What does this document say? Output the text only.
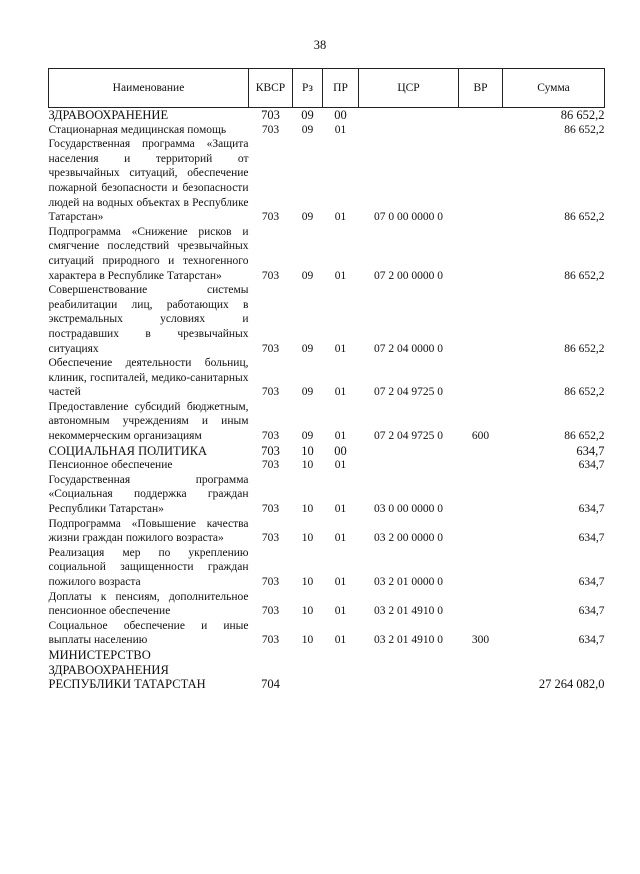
38
Наименование	КВСР	Рз	ПР	ЦСР	ВР	Сумма
ЗДРАВООХРАНЕНИЕ	703	09	00			86 652,2
Стационарная медицинская помощь	703	09	01			86 652,2
Государственная программа «Защита населения и территорий от чрезвычайных ситуаций, обеспечение пожарной безопасности и безопасности людей на водных объектах в Республике Татарстан»	703	09	01	07 0 00 0000 0		86 652,2
Подпрограмма «Снижение рисков и смягчение последствий чрезвычайных ситуаций природного и техногенного характера в Республике Татарстан»	703	09	01	07 2 00 0000 0		86 652,2
Совершенствование системы реабилитации лиц, работающих в экстремальных условиях и пострадавших в чрезвычайных ситуациях	703	09	01	07 2 04 0000 0		86 652,2
Обеспечение деятельности больниц, клиник, госпиталей, медико-санитарных частей	703	09	01	07 2 04 9725 0		86 652,2
Предоставление субсидий бюджетным, автономным учреждениям и иным некоммерческим организациям	703	09	01	07 2 04 9725 0	600	86 652,2
СОЦИАЛЬНАЯ ПОЛИТИКА	703	10	00			634,7
Пенсионное обеспечение	703	10	01			634,7
Государственная программа «Социальная поддержка граждан Республики Татарстан»	703	10	01	03 0 00 0000 0		634,7
Подпрограмма «Повышение качества жизни граждан пожилого возраста»	703	10	01	03 2 00 0000 0		634,7
Реализация мер по укреплению социальной защищенности граждан пожилого возраста	703	10	01	03 2 01 0000 0		634,7
Доплаты к пенсиям, дополнительное пенсионное обеспечение	703	10	01	03 2 01 4910 0		634,7
Социальное обеспечение и иные выплаты населению	703	10	01	03 2 01 4910 0	300	634,7
МИНИСТЕРСТВО ЗДРАВООХРАНЕНИЯ РЕСПУБЛИКИ ТАТАРСТАН	704					27 264 082,0
